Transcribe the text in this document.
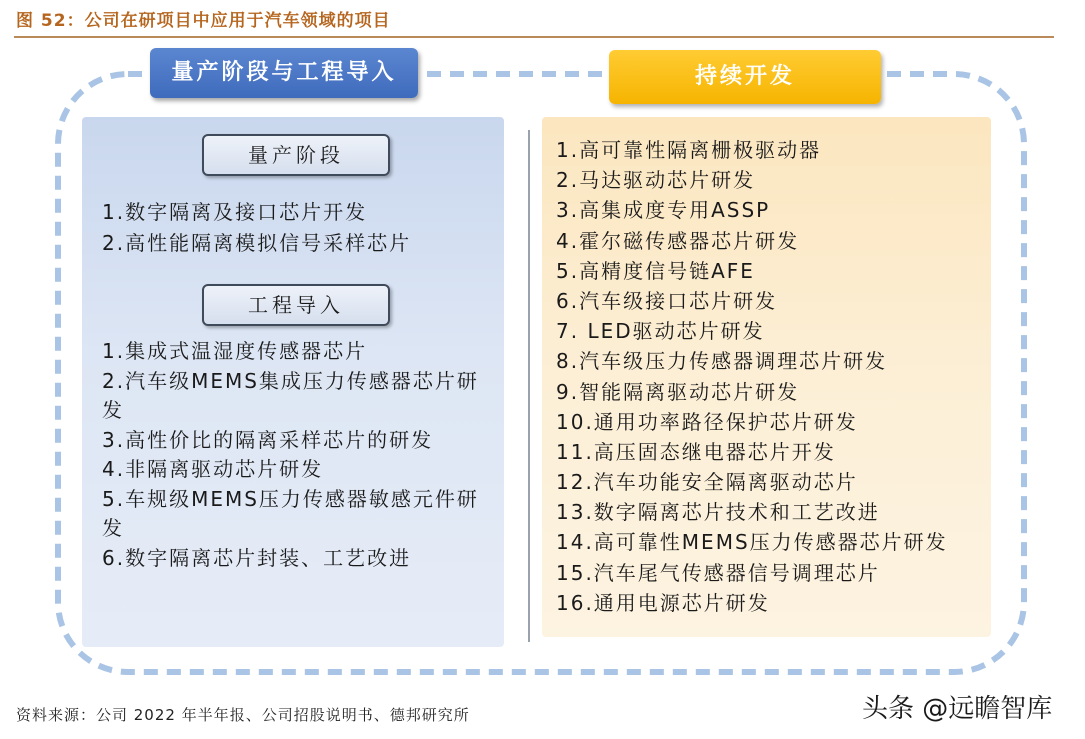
图 52：公司在研项目中应用于汽车领域的项目
量产阶段与工程导入	持续开发
量产阶段
1.数字隔离及接口芯片开发
2.高性能隔离模拟信号采样芯片
工程导入
1.集成式温湿度传感器芯片
2.汽车级MEMS集成压力传感器芯片研发
3.高性价比的隔离采样芯片的研发
4.非隔离驱动芯片研发
5.车规级MEMS压力传感器敏感元件研发
6.数字隔离芯片封装、工艺改进
1.高可靠性隔离栅极驱动器
2.马达驱动芯片研发
3.高集成度专用ASSP
4.霍尔磁传感器芯片研发
5.高精度信号链AFE
6.汽车级接口芯片研发
7. LED驱动芯片研发
8.汽车级压力传感器调理芯片研发
9.智能隔离驱动芯片研发
10.通用功率路径保护芯片研发
11.高压固态继电器芯片开发
12.汽车功能安全隔离驱动芯片
13.数字隔离芯片技术和工艺改进
14.高可靠性MEMS压力传感器芯片研发
15.汽车尾气传感器信号调理芯片
16.通用电源芯片研发
资料来源：公司 2022 年半年报、公司招股说明书、德邦研究所	头条 @远瞻智库
